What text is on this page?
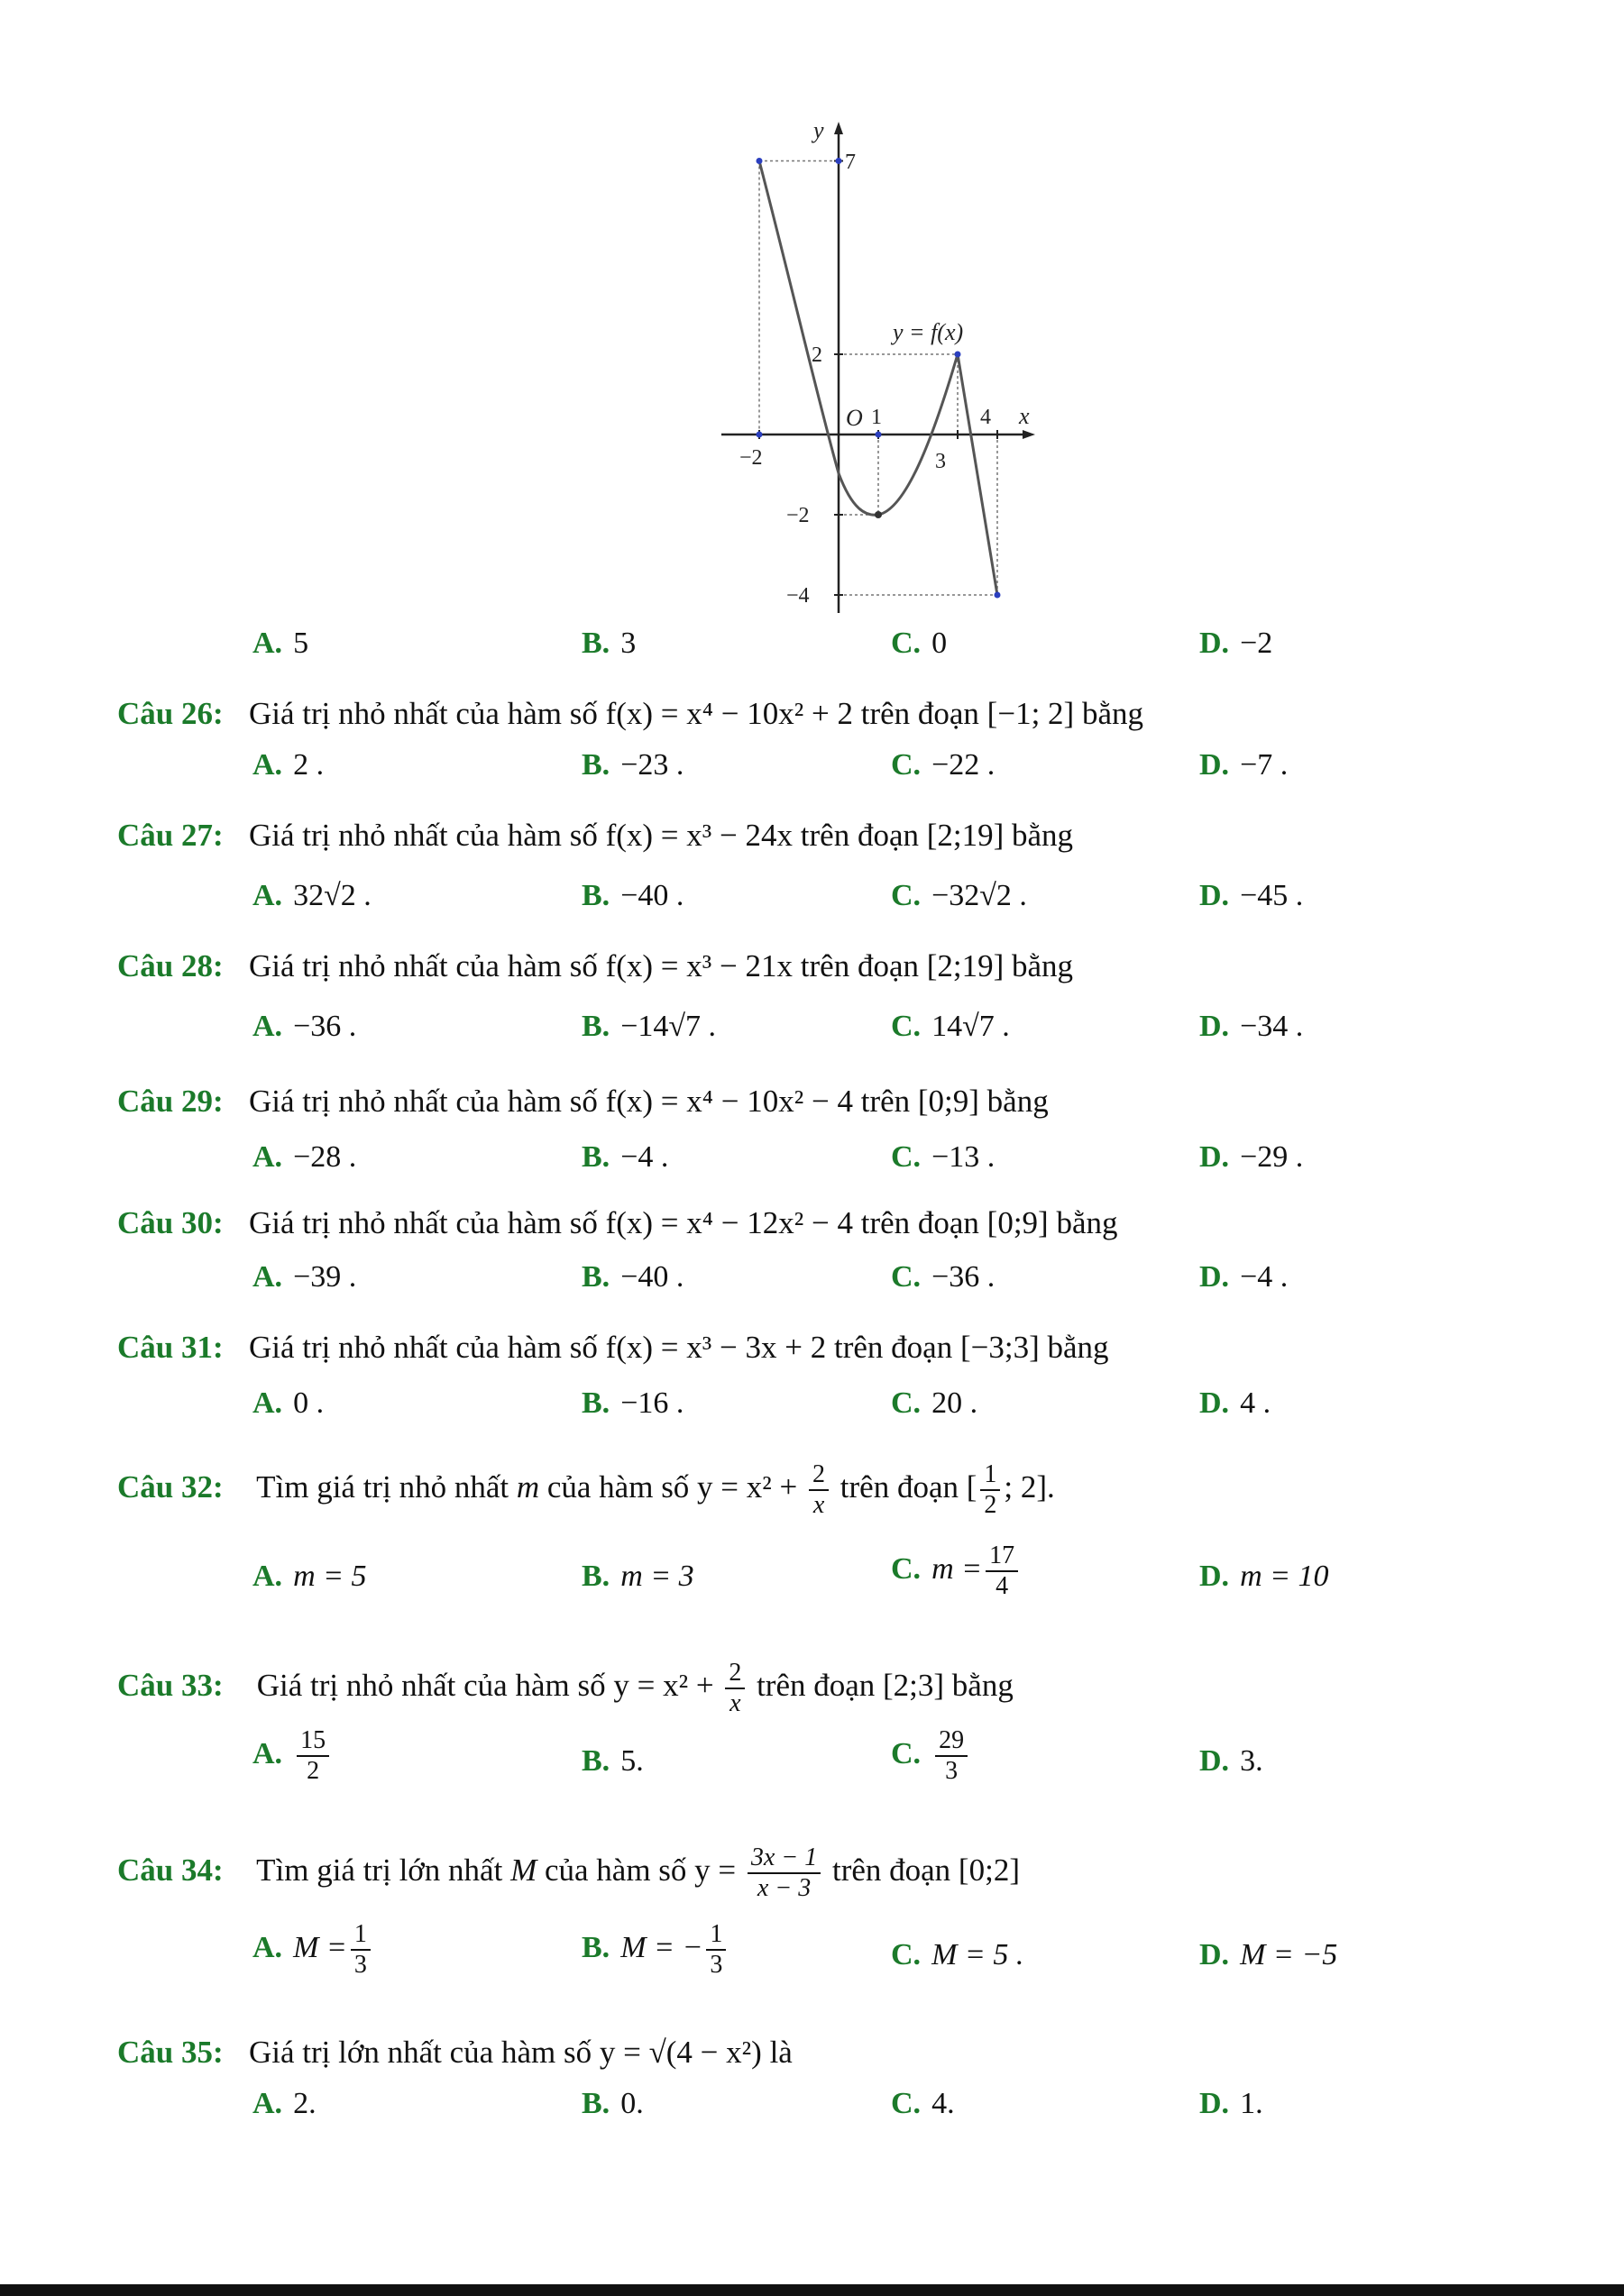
y
x
O
−2
1
3
4
7
2
−2
−4
y = f(x)
A. 5	B. 3	C. 0	D. −2
Câu 26: Giá trị nhỏ nhất của hàm số f(x) = x⁴ − 10x² + 2 trên đoạn [−1; 2] bằng
A. 2 .	B. −23 .	C. −22 .	D. −7 .
Câu 27: Giá trị nhỏ nhất của hàm số f(x) = x³ − 24x trên đoạn [2;19] bằng
A. 32√2 .	B. −40 .	C. −32√2 .	D. −45 .
Câu 28: Giá trị nhỏ nhất của hàm số f(x) = x³ − 21x trên đoạn [2;19] bằng
A. −36 .	B. −14√7 .	C. 14√7 .	D. −34 .
Câu 29: Giá trị nhỏ nhất của hàm số f(x) = x⁴ − 10x² − 4 trên [0;9] bằng
A. −28 .	B. −4 .	C. −13 .	D. −29 .
Câu 30: Giá trị nhỏ nhất của hàm số f(x) = x⁴ − 12x² − 4 trên đoạn [0;9] bằng
A. −39 .	B. −40 .	C. −36 .	D. −4 .
Câu 31: Giá trị nhỏ nhất của hàm số f(x) = x³ − 3x + 2 trên đoạn [−3;3] bằng
A. 0 .	B. −16 .	C. 20 .	D. 4 .
Câu 32: Tìm giá trị nhỏ nhất m của hàm số $y = x^2 + \frac{2}{x}$ trên đoạn [ $\frac{1}{2}$ ; 2].
A. m = 5	B. m = 3	C. $m = \frac{17}{4}$	D. m = 10
Câu 33: Giá trị nhỏ nhất của hàm số $y = x^2 + \frac{2}{x}$ trên đoạn [2;3] bằng
A. $\frac{15}{2}$	B. 5.	C. $\frac{29}{3}$	D. 3.
Câu 34: Tìm giá trị lớn nhất M của hàm số $y = \frac{3x - 1}{x - 3}$ trên đoạn [0;2]
A. $M = \frac{1}{3}$	B. M = − $\frac{1}{3}$	C. M = 5 .	D. M = −5
Câu 35: Giá trị lớn nhất của hàm số y = √(4 − x²) là
A. 2.	B. 0.	C. 4.	D. 1.
